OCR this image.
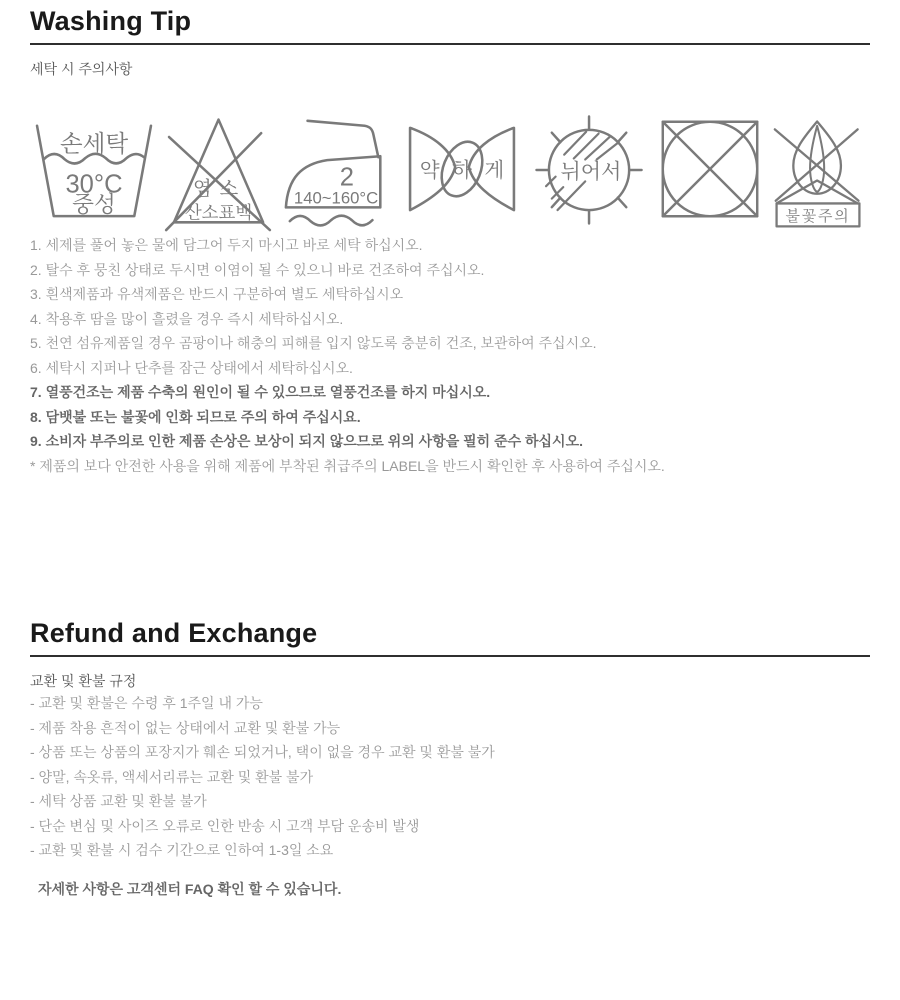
Washing Tip

세탁 시 주의사항

손세탁
30°C
중성
염소
산소표백
2
140~160°C
약 하 게	뉘어서
불꽃주의
1. 세제를 풀어 놓은 물에 담그어 두지 마시고 바로 세탁 하십시오.
2. 탈수 후 뭉친 상태로 두시면 이염이 될 수 있으니 바로 건조하여 주십시오.
3. 흰색제품과 유색제품은 반드시 구분하여 별도 세탁하십시오
4. 착용후 땀을 많이 흘렸을 경우 즉시 세탁하십시오.
5. 천연 섬유제품일 경우 곰팡이나 해충의 피해를 입지 않도록 충분히 건조, 보관하여 주십시오.
6. 세탁시 지퍼나 단추를 잠근 상태에서 세탁하십시오.
7. 열풍건조는 제품 수축의 원인이 될 수 있으므로 열풍건조를 하지 마십시오.
8. 담뱃불 또는 불꽃에 인화 되므로 주의 하여 주십시요.
9. 소비자 부주의로 인한 제품 손상은 보상이 되지 않으므로 위의 사항을 필히 준수 하십시오.
* 제품의 보다 안전한 사용을 위해 제품에 부착된 취급주의 LABEL을 반드시 확인한 후 사용하여 주십시오.
Refund and Exchange

교환 및 환불 규정

- 교환 및 환불은 수령 후 1주일 내 가능
- 제품 착용 흔적이 없는 상태에서 교환 및 환불 가능
- 상품 또는 상품의 포장지가 훼손 되었거나, 택이 없을 경우 교환 및 환불 불가
- 양말, 속옷류, 액세서리류는 교환 및 환불 불가
- 세탁 상품 교환 및 환불 불가
- 단순 변심 및 사이즈 오류로 인한 반송 시 고객 부담 운송비 발생
- 교환 및 환불 시 검수 기간으로 인하여 1-3일 소요

자세한 사항은 고객센터 FAQ 확인 할 수 있습니다.
